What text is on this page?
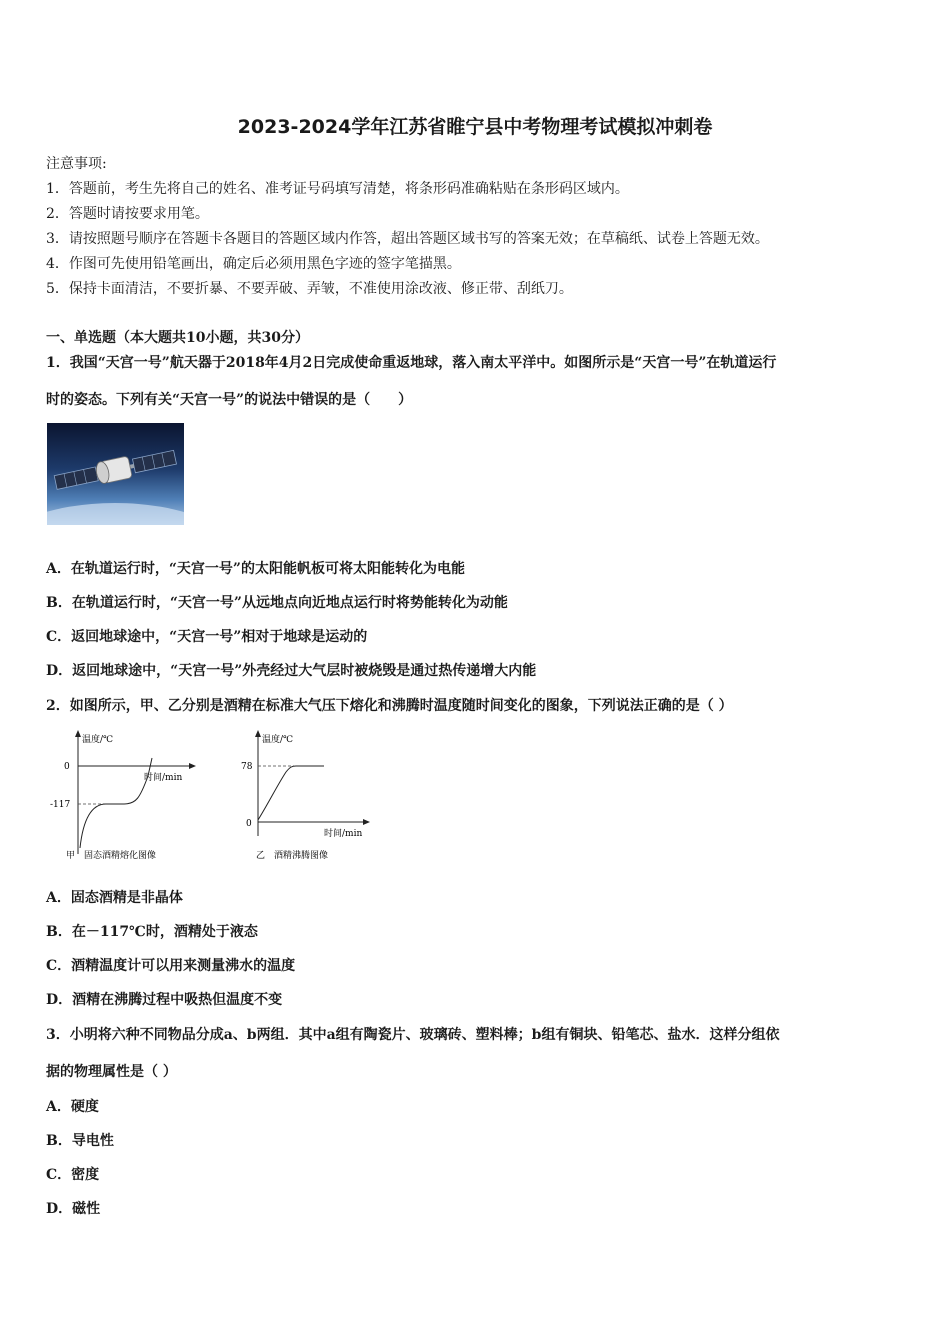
2023-2024学年江苏省睢宁县中考物理考试模拟冲刺卷
注意事项:
1．答题前，考生先将自己的姓名、准考证号码填写清楚，将条形码准确粘贴在条形码区域内。
2．答题时请按要求用笔。
3．请按照题号顺序在答题卡各题目的答题区域内作答，超出答题区域书写的答案无效；在草稿纸、试卷上答题无效。
4．作图可先使用铅笔画出，确定后必须用黑色字迹的签字笔描黑。
5．保持卡面清洁，不要折暴、不要弄破、弄皱，不准使用涂改液、修正带、刮纸刀。
一、单选题（本大题共10小题，共30分）
1．我国“天宫一号”航天器于2018年4月2日完成使命重返地球，落入南太平洋中。如图所示是“天宫一号”在轨道运行
时的姿态。下列有关“天宫一号”的说法中错误的是（　　）
A．在轨道运行时，“天宫一号”的太阳能帆板可将太阳能转化为电能
B．在轨道运行时，“天宫一号”从远地点向近地点运行时将势能转化为动能
C．返回地球途中，“天宫一号”相对于地球是运动的
D．返回地球途中，“天宫一号”外壳经过大气层时被烧毁是通过热传递增大内能
2．如图所示，甲、乙分别是酒精在标准大气压下熔化和沸腾时温度随时间变化的图象，下列说法正确的是（ ）
温度/℃
时间/min
0
-117
甲　固态酒精熔化图像
温度/℃
时间/min
0
78
乙　酒精沸腾图像
A．固态酒精是非晶体
B．在－117℃时，酒精处于液态
C．酒精温度计可以用来测量沸水的温度
D．酒精在沸腾过程中吸热但温度不变
3．小明将六种不同物品分成a、b两组．其中a组有陶瓷片、玻璃砖、塑料棒；b组有铜块、铅笔芯、盐水．这样分组依
据的物理属性是（ ）
A．硬度
B．导电性
C．密度
D．磁性
